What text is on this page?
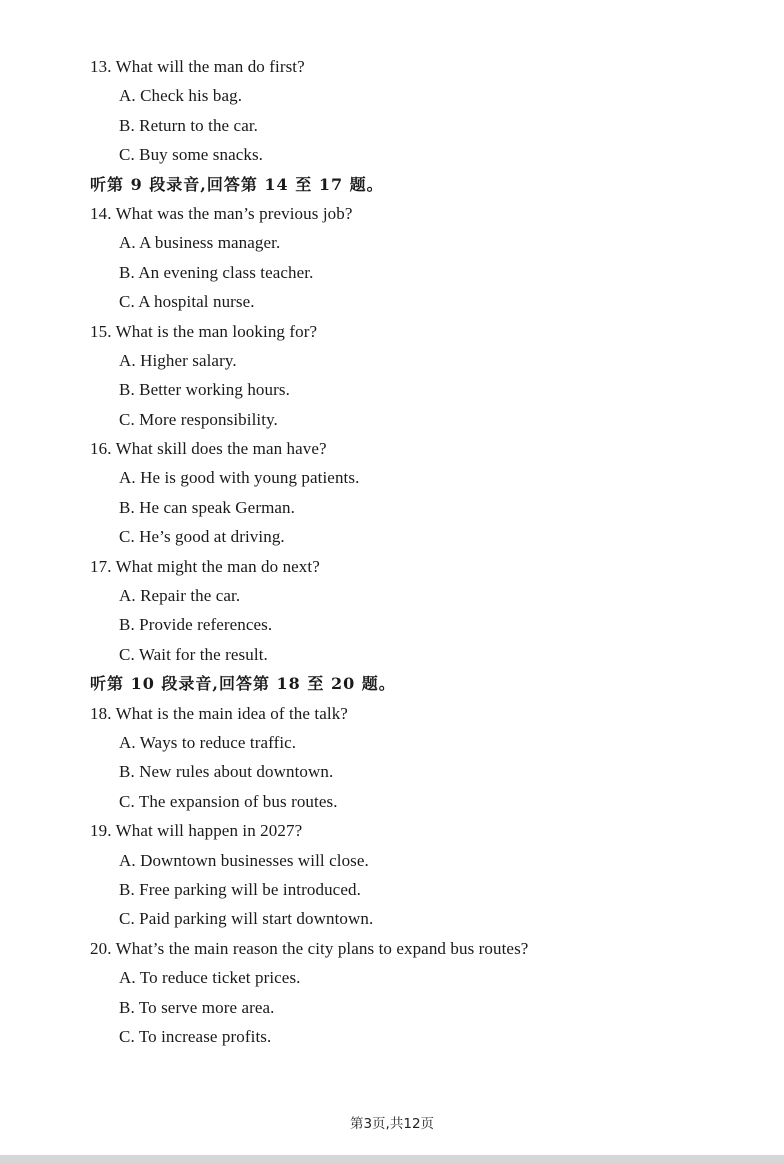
13. What will the man do first?
A. Check his bag.
B. Return to the car.
C. Buy some snacks.
听第 9 段录音,回答第 14 至 17 题。
14. What was the man’s previous job?
A. A business manager.
B. An evening class teacher.
C. A hospital nurse.
15. What is the man looking for?
A. Higher salary.
B. Better working hours.
C. More responsibility.
16. What skill does the man have?
A. He is good with young patients.
B. He can speak German.
C. He’s good at driving.
17. What might the man do next?
A. Repair the car.
B. Provide references.
C. Wait for the result.
听第 10 段录音,回答第 18 至 20 题。
18. What is the main idea of the talk?
A. Ways to reduce traffic.
B. New rules about downtown.
C. The expansion of bus routes.
19. What will happen in 2027?
A. Downtown businesses will close.
B. Free parking will be introduced.
C. Paid parking will start downtown.
20. What’s the main reason the city plans to expand bus routes?
A. To reduce ticket prices.
B. To serve more area.
C. To increase profits.
第3页,共12页
